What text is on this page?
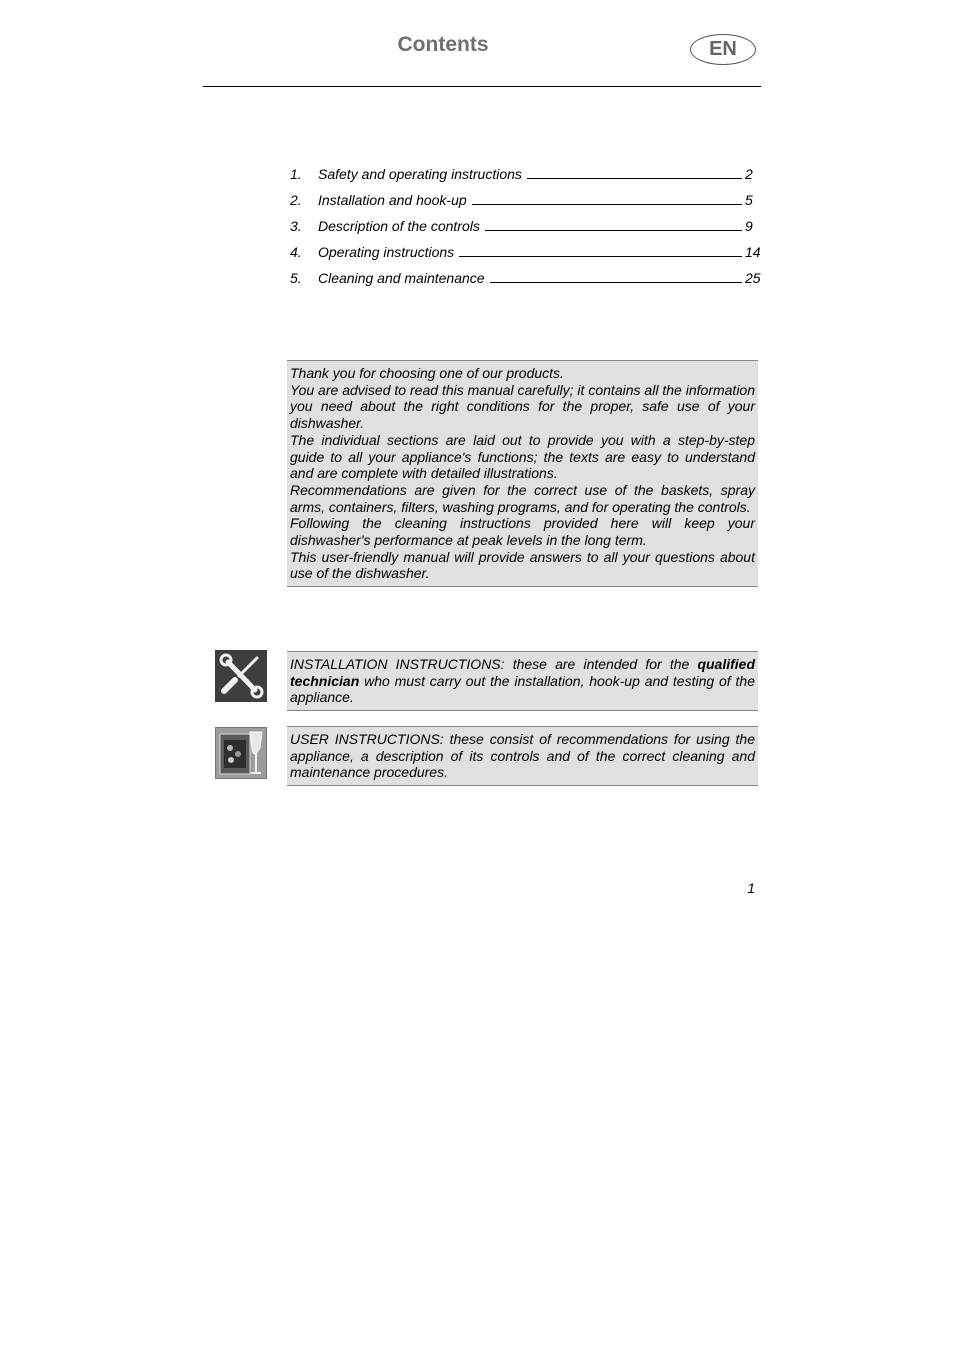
Contents	EN
1.	Safety and operating instructions	2
2.	Installation and hook-up	5
3.	Description of the controls	9
4.	Operating instructions	14
5.	Cleaning and maintenance	25

Thank you for choosing one of our products.

You are advised to read this manual carefully; it contains all the information you need about the right conditions for the proper, safe use of your dishwasher.

The individual sections are laid out to provide you with a step-by-step guide to all your appliance's functions; the texts are easy to understand and are complete with detailed illustrations.

Recommendations are given for the correct use of the baskets, spray arms, containers, filters, washing programs, and for operating the controls.

Following the cleaning instructions provided here will keep your dishwasher's performance at peak levels in the long term.

This user-friendly manual will provide answers to all your questions about use of the dishwasher.

INSTALLATION INSTRUCTIONS: these are intended for the qualified technician who must carry out the installation, hook-up and testing of the appliance.

USER INSTRUCTIONS: these consist of recommendations for using the appliance, a description of its controls and of the correct cleaning and maintenance procedures.

1
